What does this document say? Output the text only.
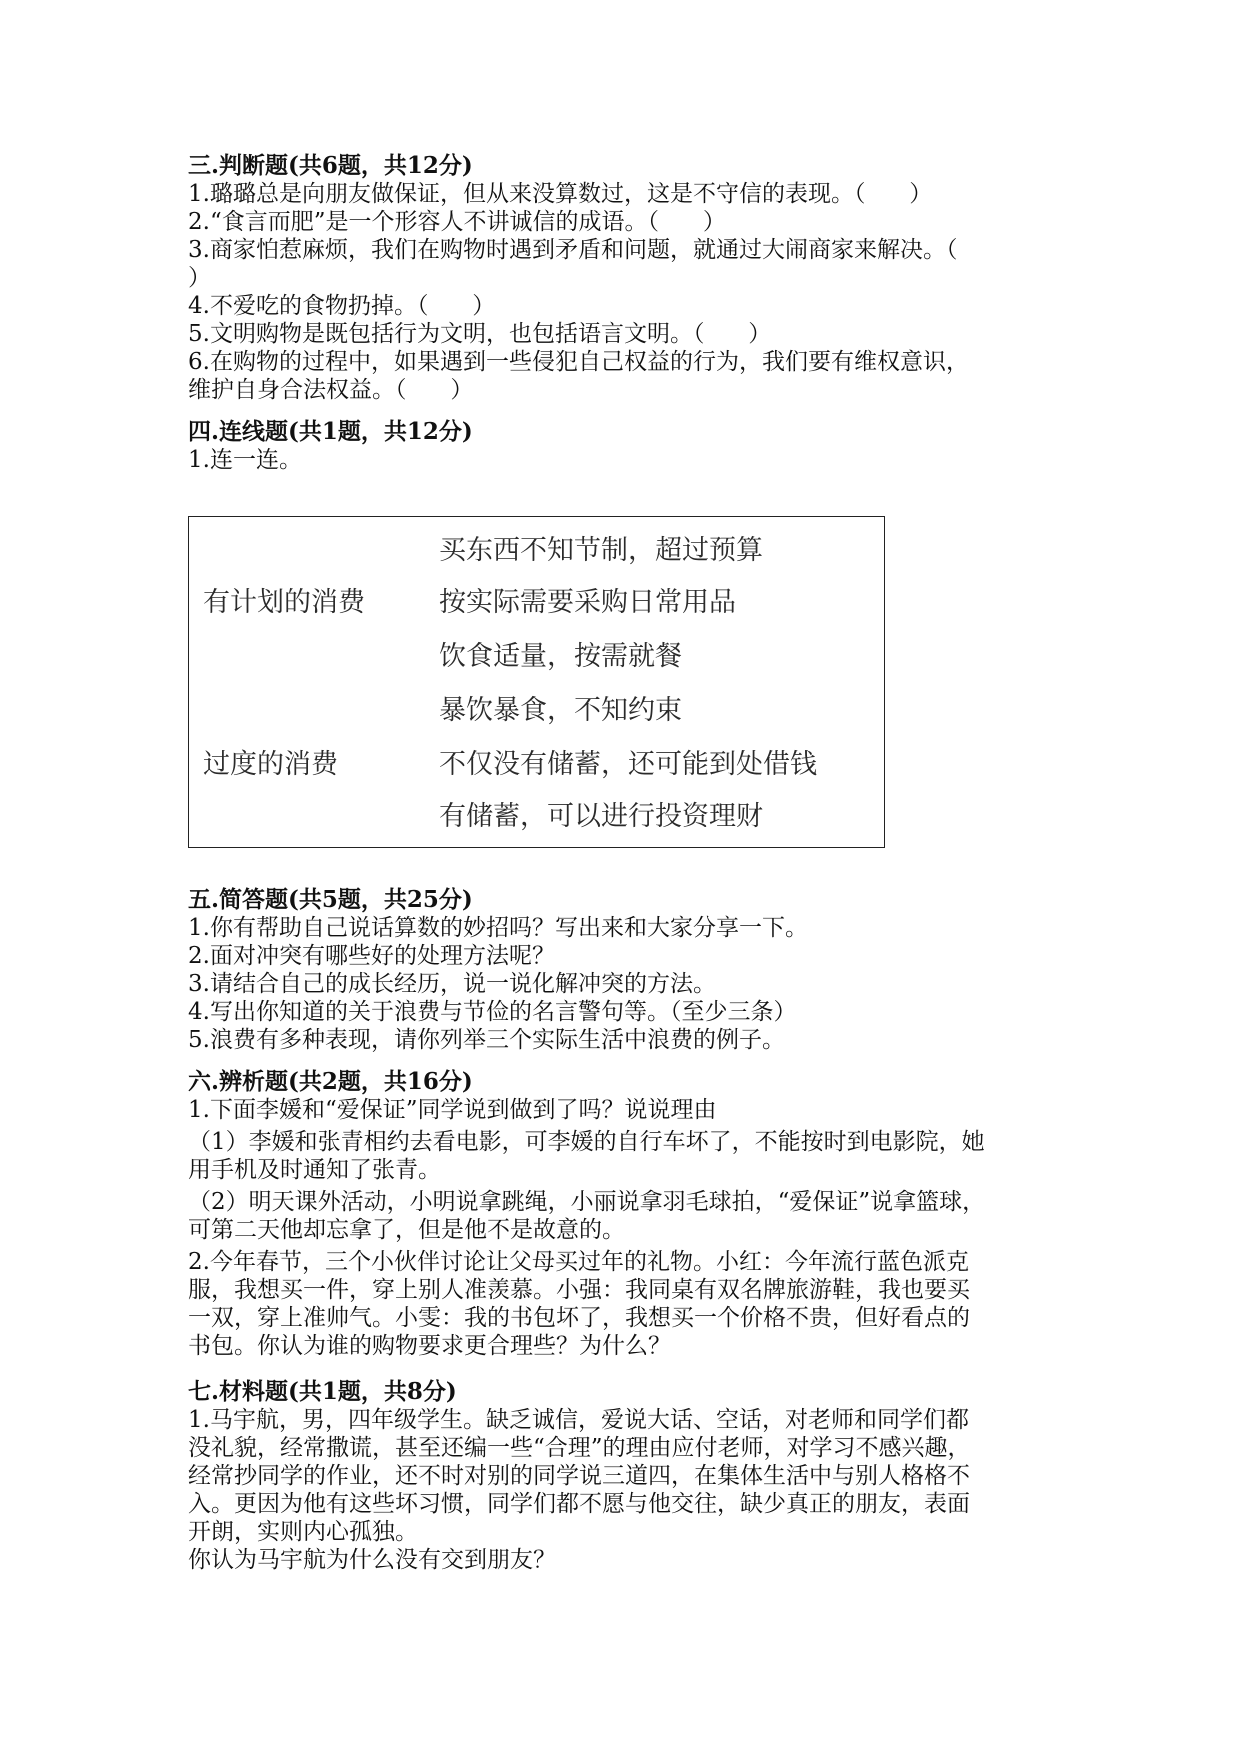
三.判断题(共6题，共12分)

1.璐璐总是向朋友做保证，但从来没算数过，这是不守信的表现。（      ）

2.“食言而肥”是一个形容人不讲诚信的成语。（      ）

3.商家怕惹麻烦，我们在购物时遇到矛盾和问题，就通过大闹商家来解决。（

）

4.不爱吃的食物扔掉。（      ）

5.文明购物是既包括行为文明，也包括语言文明。（      ）

6.在购物的过程中，如果遇到一些侵犯自己权益的行为，我们要有维权意识，

维护自身合法权益。（      ）

四.连线题(共1题，共12分)

1.连一连。

有计划的消费
过度的消费
买东西不知节制，超过预算
按实际需要采购日常用品
饮食适量，按需就餐
暴饮暴食，不知约束
不仅没有储蓄，还可能到处借钱
有储蓄，可以进行投资理财

五.简答题(共5题，共25分)

1.你有帮助自己说话算数的妙招吗？写出来和大家分享一下。

2.面对冲突有哪些好的处理方法呢？

3.请结合自己的成长经历，说一说化解冲突的方法。

4.写出你知道的关于浪费与节俭的名言警句等。（至少三条）

5.浪费有多种表现，请你列举三个实际生活中浪费的例子。

六.辨析题(共2题，共16分)

1.下面李媛和“爱保证”同学说到做到了吗？说说理由

（1）李媛和张青相约去看电影，可李媛的自行车坏了，不能按时到电影院，她

用手机及时通知了张青。

（2）明天课外活动，小明说拿跳绳，小丽说拿羽毛球拍，“爱保证”说拿篮球，

可第二天他却忘拿了，但是他不是故意的。

2.今年春节，三个小伙伴讨论让父母买过年的礼物。小红：今年流行蓝色派克

服，我想买一件，穿上别人准羡慕。小强：我同桌有双名牌旅游鞋，我也要买

一双，穿上准帅气。小雯：我的书包坏了，我想买一个价格不贵，但好看点的

书包。你认为谁的购物要求更合理些？为什么？

七.材料题(共1题，共8分)

1.马宇航，男，四年级学生。缺乏诚信，爱说大话、空话，对老师和同学们都

没礼貌，经常撒谎，甚至还编一些“合理”的理由应付老师，对学习不感兴趣，

经常抄同学的作业，还不时对别的同学说三道四，在集体生活中与别人格格不

入。更因为他有这些坏习惯，同学们都不愿与他交往，缺少真正的朋友，表面

开朗，实则内心孤独。

你认为马宇航为什么没有交到朋友？
